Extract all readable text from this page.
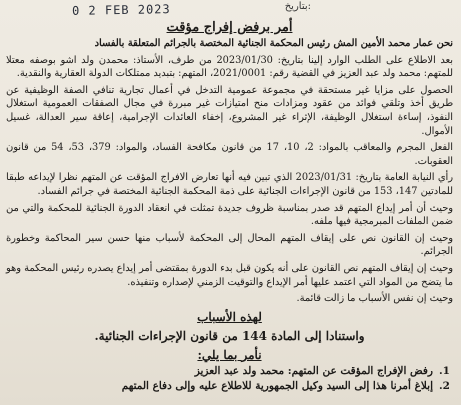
بتاريخ:
0 2 FEB 2023
أمر برفض إفراج مؤقت

نحن عمار محمد الأمين المش رئيس المحكمة الجنائية المختصة بالجرائم المتعلقة بالفساد

بعد الاطلاع على الطلب الوارد إلينا بتاريخ: 2023/01/30 من طرف، الأستاذ: محمدن ولد اشو بوصفه معتلا للمتهم: محمد ولد عبد العزيز في القضية رقم: 2021/0001، المتهم: بتبديد ممتلكات الدولة العقارية والنقدية.

الحصول على مزايا غير مستحقة في مجموعة عمومية التدخل في أعمال تجارية تنافي الصفة الوظيفية عن طريق أخذ وتلقي فوائد من عقود ومزادات منح امتيازات غير مبررة في مجال الصفقات العمومية استغلال النفوذ، إساءة استغلال الوظيفة، الإثراء غير المشروع، إخفاء العائدات الإجرامية، إعاقة سير العدالة، غسيل الأموال.

الفعل المجرم والمعاقب بالمواد: 2، 10، 17 من قانون مكافحة الفساد، والمواد: 379، 53، 54 من قانون العقوبات.

رأي النيابة العامة بتاريخ: 2023/01/31 الذي تبين فيه أنها تعارض الافراج المؤقت عن المتهم نظرا لإيداعه طبقا للمادتين 147، 153 من قانون الإجراءات الجنائية على ذمة المحكمة الجنائية المختصة في جرائم الفساد.

وحيث أن أمر إيداع المتهم قد صدر بمناسبة ظروف جديدة تمثلت في انعقاد الدورة الجنائية للمحكمة والتي من ضمن الملفات المبرمجية فيها ملفه.

وحيث إن القانون نص على إيقاف المتهم المحال إلى المحكمة لأسباب منها حسن سير المحاكمة وخطورة الجرائم.

وحيث إن إيقاف المتهم نص القانون على أنه يكون قبل بدء الدورة بمقتضى أمر إيداع يصدره رئيس المحكمة وهو ما يتضح من المواد التي اعتمد عليها أمر الإيداع والتوقيت الزمني لإصداره وتنفيذه.

وحيث إن نفس الأسباب ما زالت قائمة.

لهذه الأسباب
واستنادا إلى المادة 144 من قانون الإجراءات الجنائية.
نأمر بما يلي:
1.
رفض الإفراج المؤقت عن المتهم: محمد ولد عبد العزيز
2.
إبلاغ أمرنا هذا إلى السيد وكيل الجمهورية للاطلاع عليه وإلى دفاع المتهم
